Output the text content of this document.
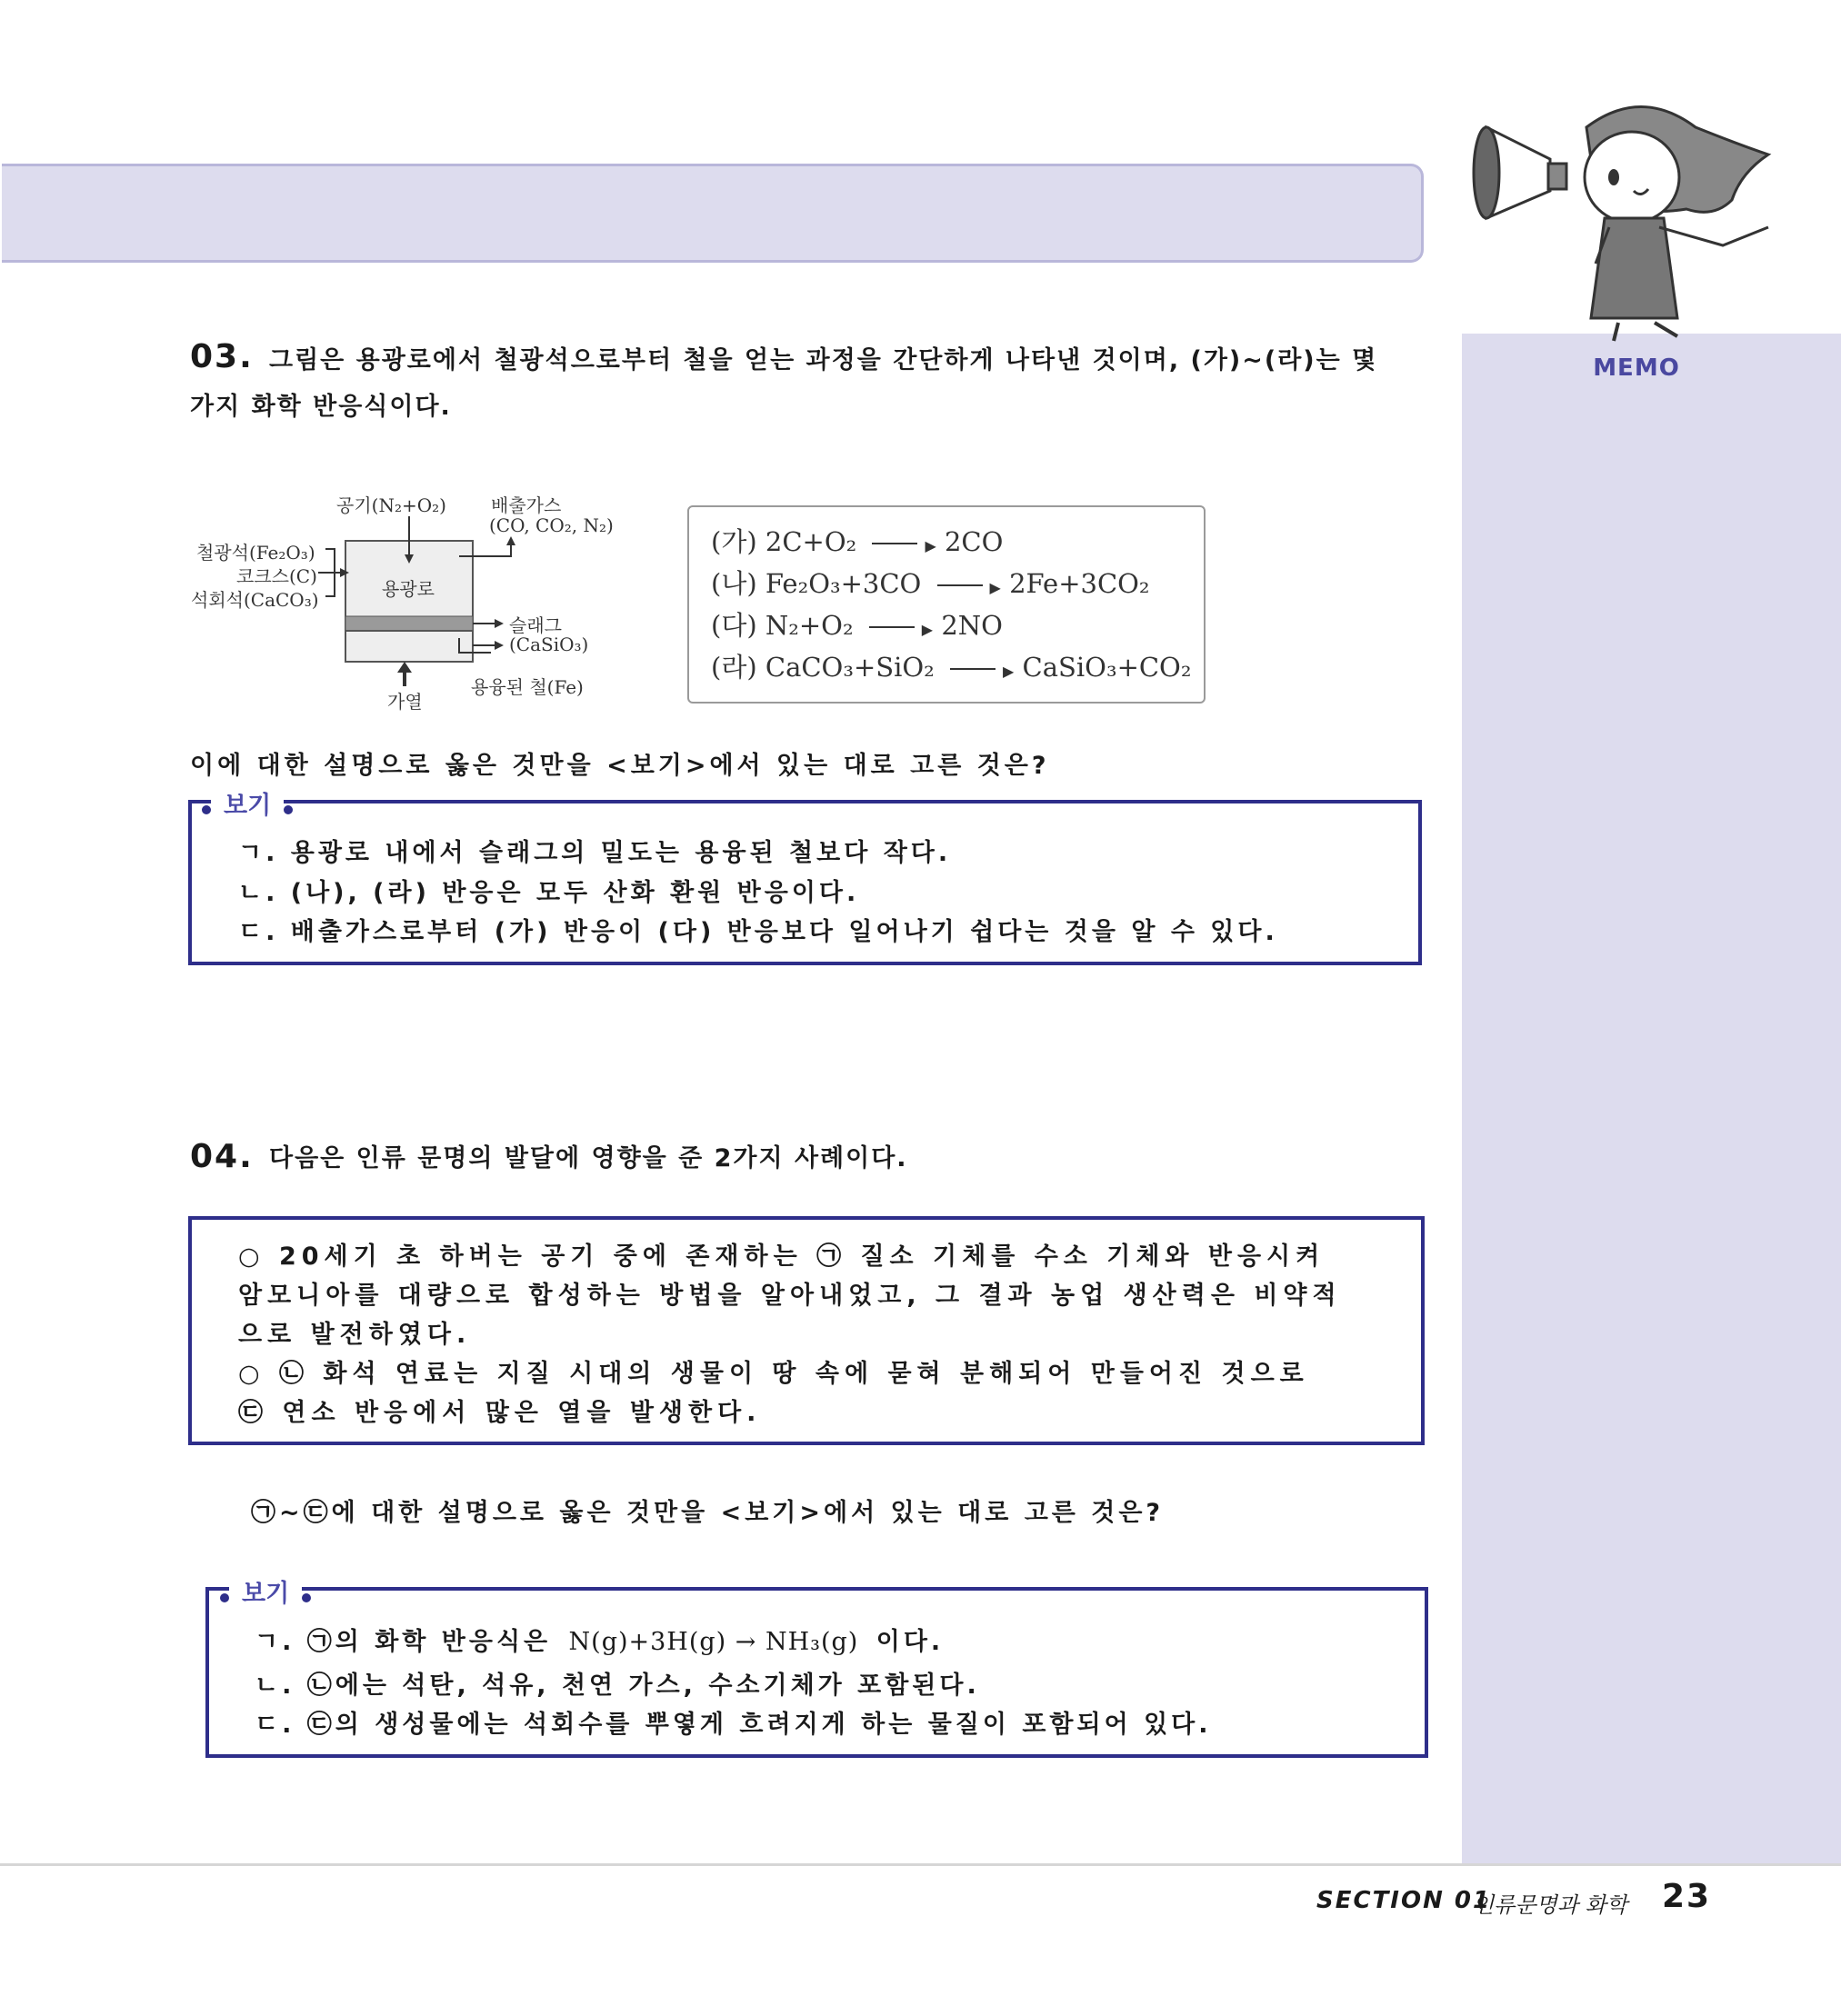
MEMO
03. 그림은 용광로에서 철광석으로부터 철을 얻는 과정을 간단하게 나타낸 것이며, (가)~(라)는 몇
가지 화학 반응식이다.
공기(N₂+O₂) 배출가스
(CO, CO₂, N₂)
철광석(Fe₂O₃)
코크스(C)
석회석(CaCO₃)	용광로
슬래그
(CaSiO₃)
용융된 철(Fe)
가열
(가) 2C+O₂	▶ 2CO
(나) Fe₂O₃+3CO	▶ 2Fe+3CO₂
(다) N₂+O₂	▶ 2NO
(라) CaCO₃+SiO₂	▶ CaSiO₃+CO₂
이에 대한 설명으로 옳은 것만을 <보기>에서 있는 대로 고른 것은?
보기
ㄱ. 용광로 내에서 슬래그의 밀도는 용융된 철보다 작다.
ㄴ. (나), (라) 반응은 모두 산화 환원 반응이다.
ㄷ. 배출가스로부터 (가) 반응이 (다) 반응보다 일어나기 쉽다는 것을 알 수 있다.
04. 다음은 인류 문명의 발달에 영향을 준 2가지 사례이다.
○ 20세기 초 하버는 공기 중에 존재하는 ㉠ 질소 기체를 수소 기체와 반응시켜
암모니아를 대량으로 합성하는 방법을 알아내었고, 그 결과 농업 생산력은 비약적
으로 발전하였다.
○ ㉡ 화석 연료는 지질 시대의 생물이 땅 속에 묻혀 분해되어 만들어진 것으로
㉢ 연소 반응에서 많은 열을 발생한다.
㉠~㉢에 대한 설명으로 옳은 것만을 <보기>에서 있는 대로 고른 것은?
보기
ㄱ. ㉠의 화학 반응식은 N(g)+3H(g) → NH₃(g) 이다.
ㄴ. ㉡에는 석탄, 석유, 천연 가스, 수소기체가 포함된다.
ㄷ. ㉢의 생성물에는 석회수를 뿌옇게 흐려지게 하는 물질이 포함되어 있다.
SECTION 01
인류문명과 화학 23
